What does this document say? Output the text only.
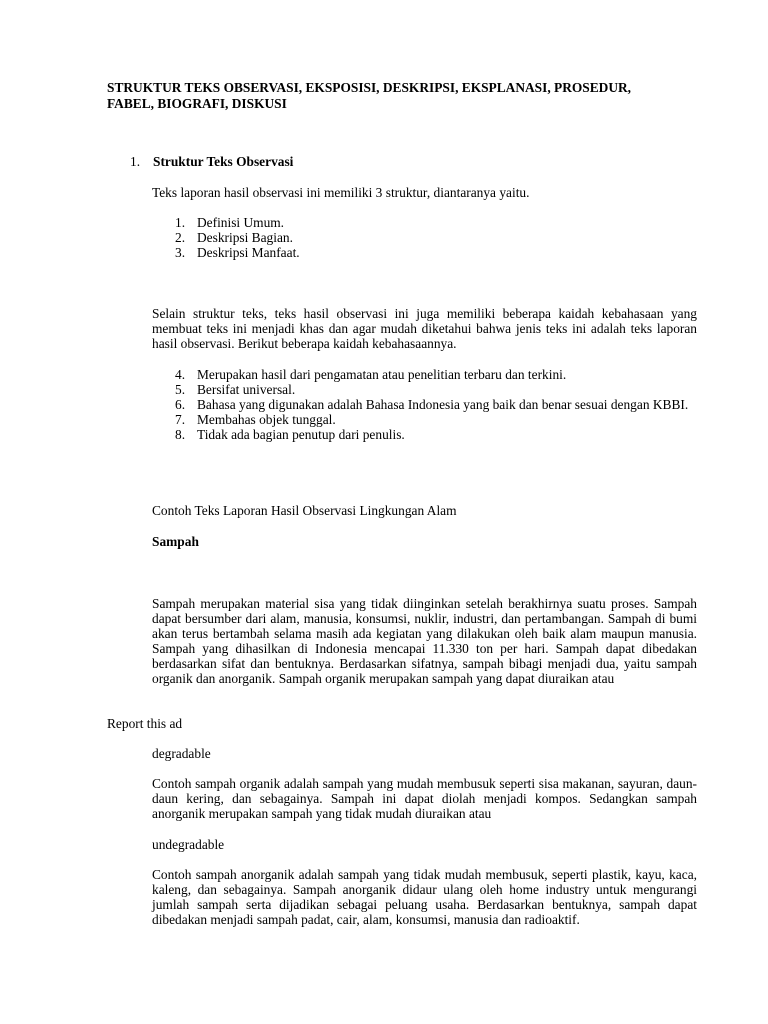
STRUKTUR TEKS OBSERVASI, EKSPOSISI, DESKRIPSI, EKSPLANASI, PROSEDUR, FABEL, BIOGRAFI, DISKUSI
1. Struktur Teks Observasi
Teks laporan hasil observasi ini memiliki 3 struktur, diantaranya yaitu.
1. Definisi Umum.
2. Deskripsi Bagian.
3. Deskripsi Manfaat.
Selain struktur teks, teks hasil observasi ini juga memiliki beberapa kaidah kebahasaan yang membuat teks ini menjadi khas dan agar mudah diketahui bahwa jenis teks ini adalah teks laporan hasil observasi. Berikut beberapa kaidah kebahasaannya.
4. Merupakan hasil dari pengamatan atau penelitian terbaru dan terkini.
5. Bersifat universal.
6. Bahasa yang digunakan adalah Bahasa Indonesia yang baik dan benar sesuai dengan KBBI.
7. Membahas objek tunggal.
8. Tidak ada bagian penutup dari penulis.
Contoh Teks Laporan Hasil Observasi Lingkungan Alam
Sampah
Sampah merupakan material sisa yang tidak diinginkan setelah berakhirnya suatu proses. Sampah dapat bersumber dari alam, manusia, konsumsi, nuklir, industri, dan pertambangan. Sampah di bumi akan terus bertambah selama masih ada kegiatan yang dilakukan oleh baik alam maupun manusia. Sampah yang dihasilkan di Indonesia mencapai 11.330 ton per hari. Sampah dapat dibedakan berdasarkan sifat dan bentuknya. Berdasarkan sifatnya, sampah bibagi menjadi dua, yaitu sampah organik dan anorganik. Sampah organik merupakan sampah yang dapat diuraikan atau
Report this ad
degradable
Contoh sampah organik adalah sampah yang mudah membusuk seperti sisa makanan, sayuran, daun-daun kering, dan sebagainya. Sampah ini dapat diolah menjadi kompos. Sedangkan sampah anorganik merupakan sampah yang tidak mudah diuraikan atau
undegradable
Contoh sampah anorganik adalah sampah yang tidak mudah membusuk, seperti plastik, kayu, kaca, kaleng, dan sebagainya. Sampah anorganik didaur ulang oleh home industry untuk mengurangi jumlah sampah serta dijadikan sebagai peluang usaha. Berdasarkan bentuknya, sampah dapat dibedakan menjadi sampah padat, cair, alam, konsumsi, manusia dan radioaktif.
